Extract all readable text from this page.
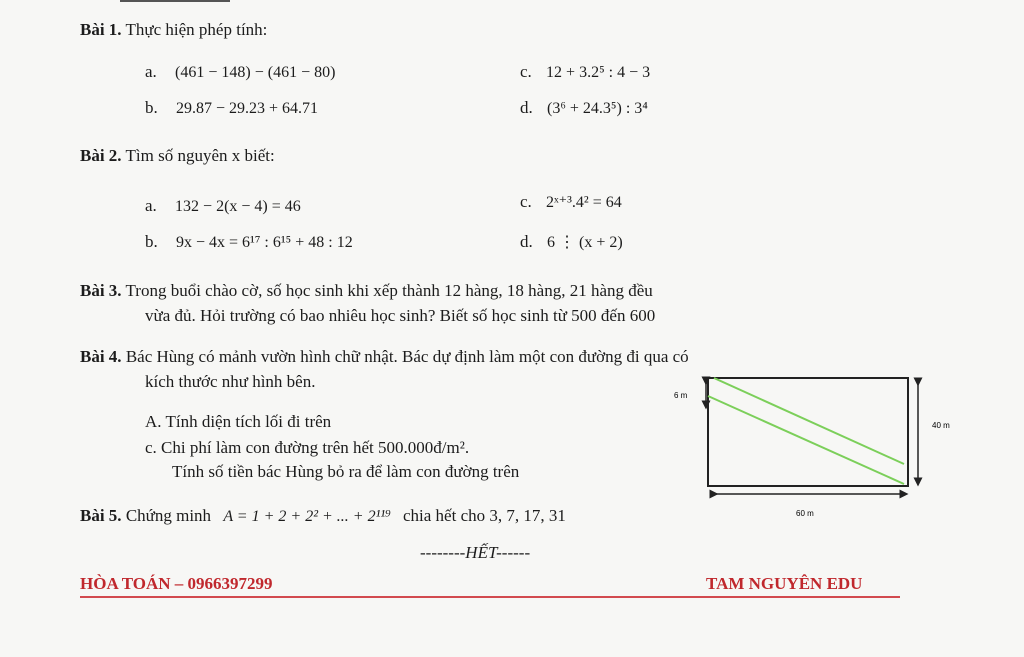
Bài 1. Thực hiện phép tính:
a. (461 − 148) − (461 − 80)	c. 12 + 3.2⁵ : 4 − 3
b. 29.87 − 29.23 + 64.71	d. (3⁶ + 24.3⁵) : 3⁴
Bài 2. Tìm số nguyên x biết:
a. 132 − 2(x − 4) = 46	c. 2ˣ⁺³.4² = 64
b. 9x − 4x = 6¹⁷ : 6¹⁵ + 48 : 12	d. 6 ⋮ (x + 2)
Bài 3. Trong buổi chào cờ, số học sinh khi xếp thành 12 hàng, 18 hàng, 21 hàng đều
vừa đủ. Hỏi trường có bao nhiêu học sinh? Biết số học sinh từ 500 đến 600
Bài 4. Bác Hùng có mảnh vườn hình chữ nhật. Bác dự định làm một con đường đi qua có
kích thước như hình bên.
A. Tính diện tích lối đi trên
c. Chi phí làm con đường trên hết 500.000đ/m².
Tính số tiền bác Hùng bỏ ra để làm con đường trên
6 m
40 m
60 m
Bài 5. Chứng minh A = 1 + 2 + 2² + ... + 2¹¹⁹ chia hết cho 3, 7, 17, 31
--------HẾT------
HÒA TOÁN – 0966397299	TAM NGUYÊN EDU
